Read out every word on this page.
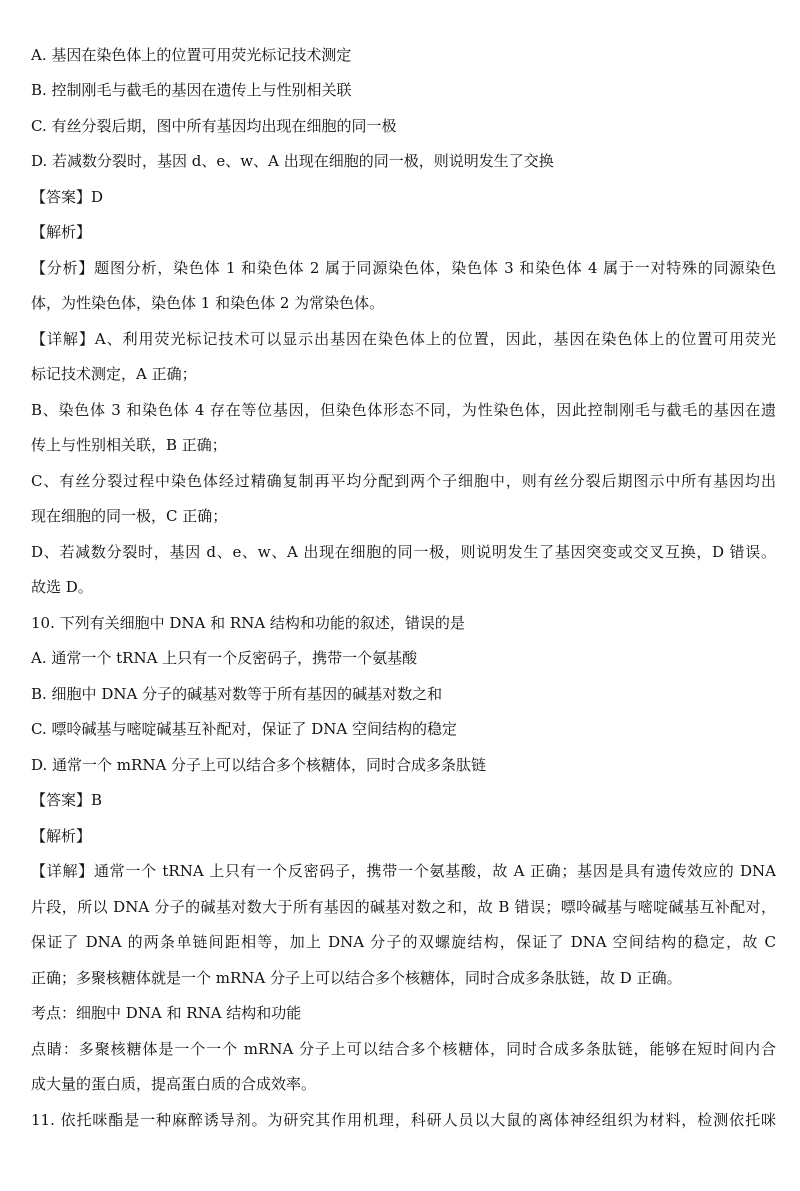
A. 基因在染色体上的位置可用荧光标记技术测定
B. 控制刚毛与截毛的基因在遗传上与性别相关联
C. 有丝分裂后期，图中所有基因均出现在细胞的同一极
D. 若减数分裂时，基因 d、e、w、A 出现在细胞的同一极，则说明发生了交换
【答案】D
【解析】
【分析】题图分析，染色体 1 和染色体 2 属于同源染色体，染色体 3 和染色体 4 属于一对特殊的同源染色
体，为性染色体，染色体 1 和染色体 2 为常染色体。
【详解】A、利用荧光标记技术可以显示出基因在染色体上的位置，因此，基因在染色体上的位置可用荧光
标记技术测定，A 正确；
B、染色体 3 和染色体 4 存在等位基因，但染色体形态不同，为性染色体，因此控制刚毛与截毛的基因在遗
传上与性别相关联，B 正确；
C、有丝分裂过程中染色体经过精确复制再平均分配到两个子细胞中，则有丝分裂后期图示中所有基因均出
现在细胞的同一极，C 正确；
D、若减数分裂时，基因 d、e、w、A 出现在细胞的同一极，则说明发生了基因突变或交叉互换，D 错误。
故选 D。
10. 下列有关细胞中 DNA 和 RNA 结构和功能的叙述，错误的是
A. 通常一个 tRNA 上只有一个反密码子，携带一个氨基酸
B. 细胞中 DNA 分子的碱基对数等于所有基因的碱基对数之和
C. 嘌呤碱基与嘧啶碱基互补配对，保证了 DNA 空间结构的稳定
D. 通常一个 mRNA 分子上可以结合多个核糖体，同时合成多条肽链
【答案】B
【解析】
【详解】通常一个 tRNA 上只有一个反密码子，携带一个氨基酸，故 A 正确；基因是具有遗传效应的 DNA
片段，所以 DNA 分子的碱基对数大于所有基因的碱基对数之和，故 B 错误；嘌呤碱基与嘧啶碱基互补配对，
保证了 DNA 的两条单链间距相等，加上 DNA 分子的双螺旋结构，保证了 DNA 空间结构的稳定，故 C
正确；多聚核糖体就是一个 mRNA 分子上可以结合多个核糖体，同时合成多条肽链，故 D 正确。
考点：细胞中 DNA 和 RNA 结构和功能
点睛：多聚核糖体是一个一个 mRNA 分子上可以结合多个核糖体，同时合成多条肽链，能够在短时间内合
成大量的蛋白质，提高蛋白质的合成效率。
11. 依托咪酯是一种麻醉诱导剂。为研究其作用机理，科研人员以大鼠的离体神经组织为材料，检测依托咪
